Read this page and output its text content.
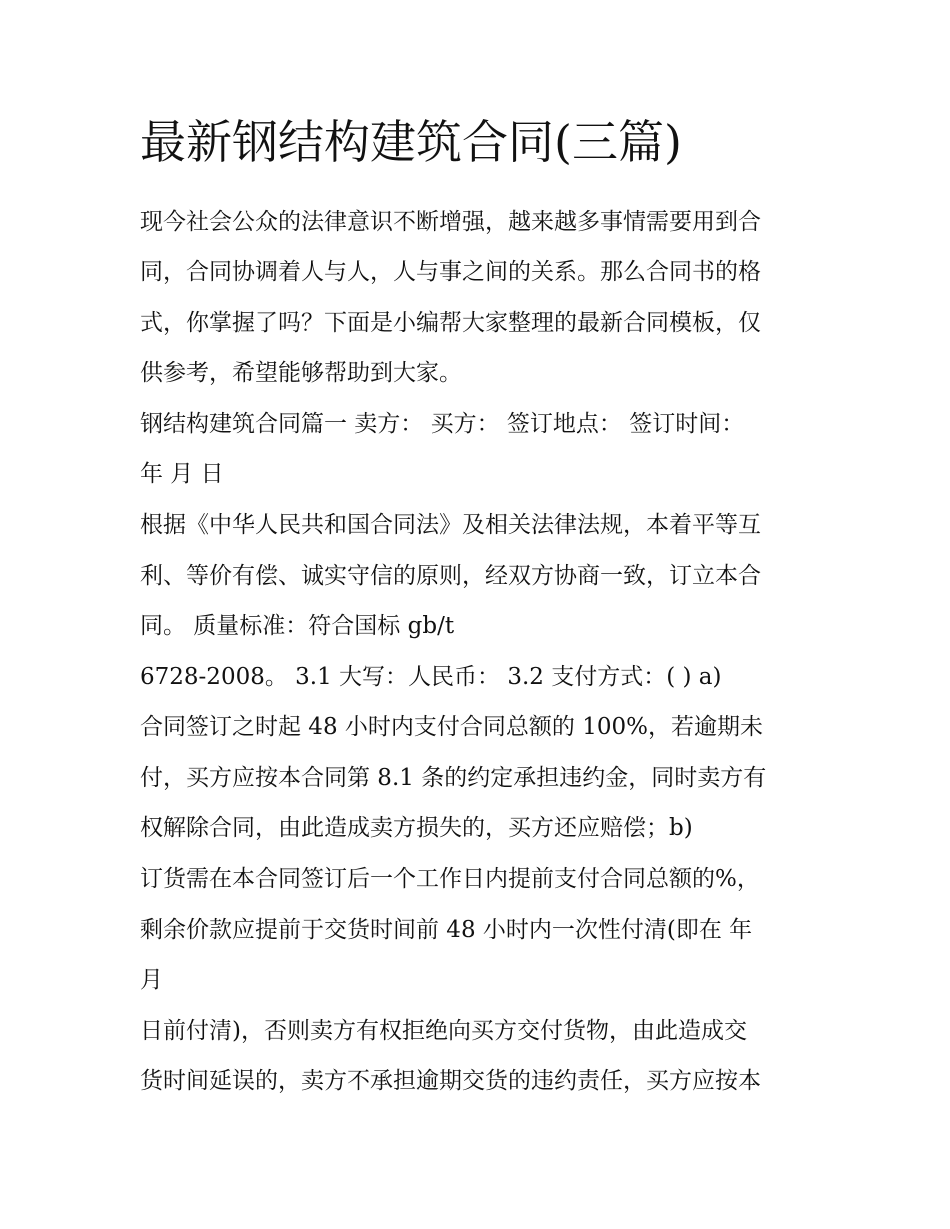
最新钢结构建筑合同(三篇)
现今社会公众的法律意识不断增强，越来越多事情需要用到合
同，合同协调着人与人，人与事之间的关系。那么合同书的格
式，你掌握了吗？下面是小编帮大家整理的最新合同模板，仅
供参考，希望能够帮助到大家。
钢结构建筑合同篇一 卖方： 买方： 签订地点： 签订时间：
年 月 日
根据《中华人民共和国合同法》及相关法律法规，本着平等互
利、等价有偿、诚实守信的原则，经双方协商一致，订立本合
同。 质量标准：符合国标 gb/t
6728-2008。 3.1 大写：人民币： 3.2 支付方式：( ) a)
合同签订之时起 48 小时内支付合同总额的 100%，若逾期未
付，买方应按本合同第 8.1 条的约定承担违约金，同时卖方有
权解除合同，由此造成卖方损失的，买方还应赔偿；b)
订货需在本合同签订后一个工作日内提前支付合同总额的%，
剩余价款应提前于交货时间前 48 小时内一次性付清(即在 年
月
日前付清)，否则卖方有权拒绝向买方交付货物，由此造成交
货时间延误的，卖方不承担逾期交货的违约责任，买方应按本
